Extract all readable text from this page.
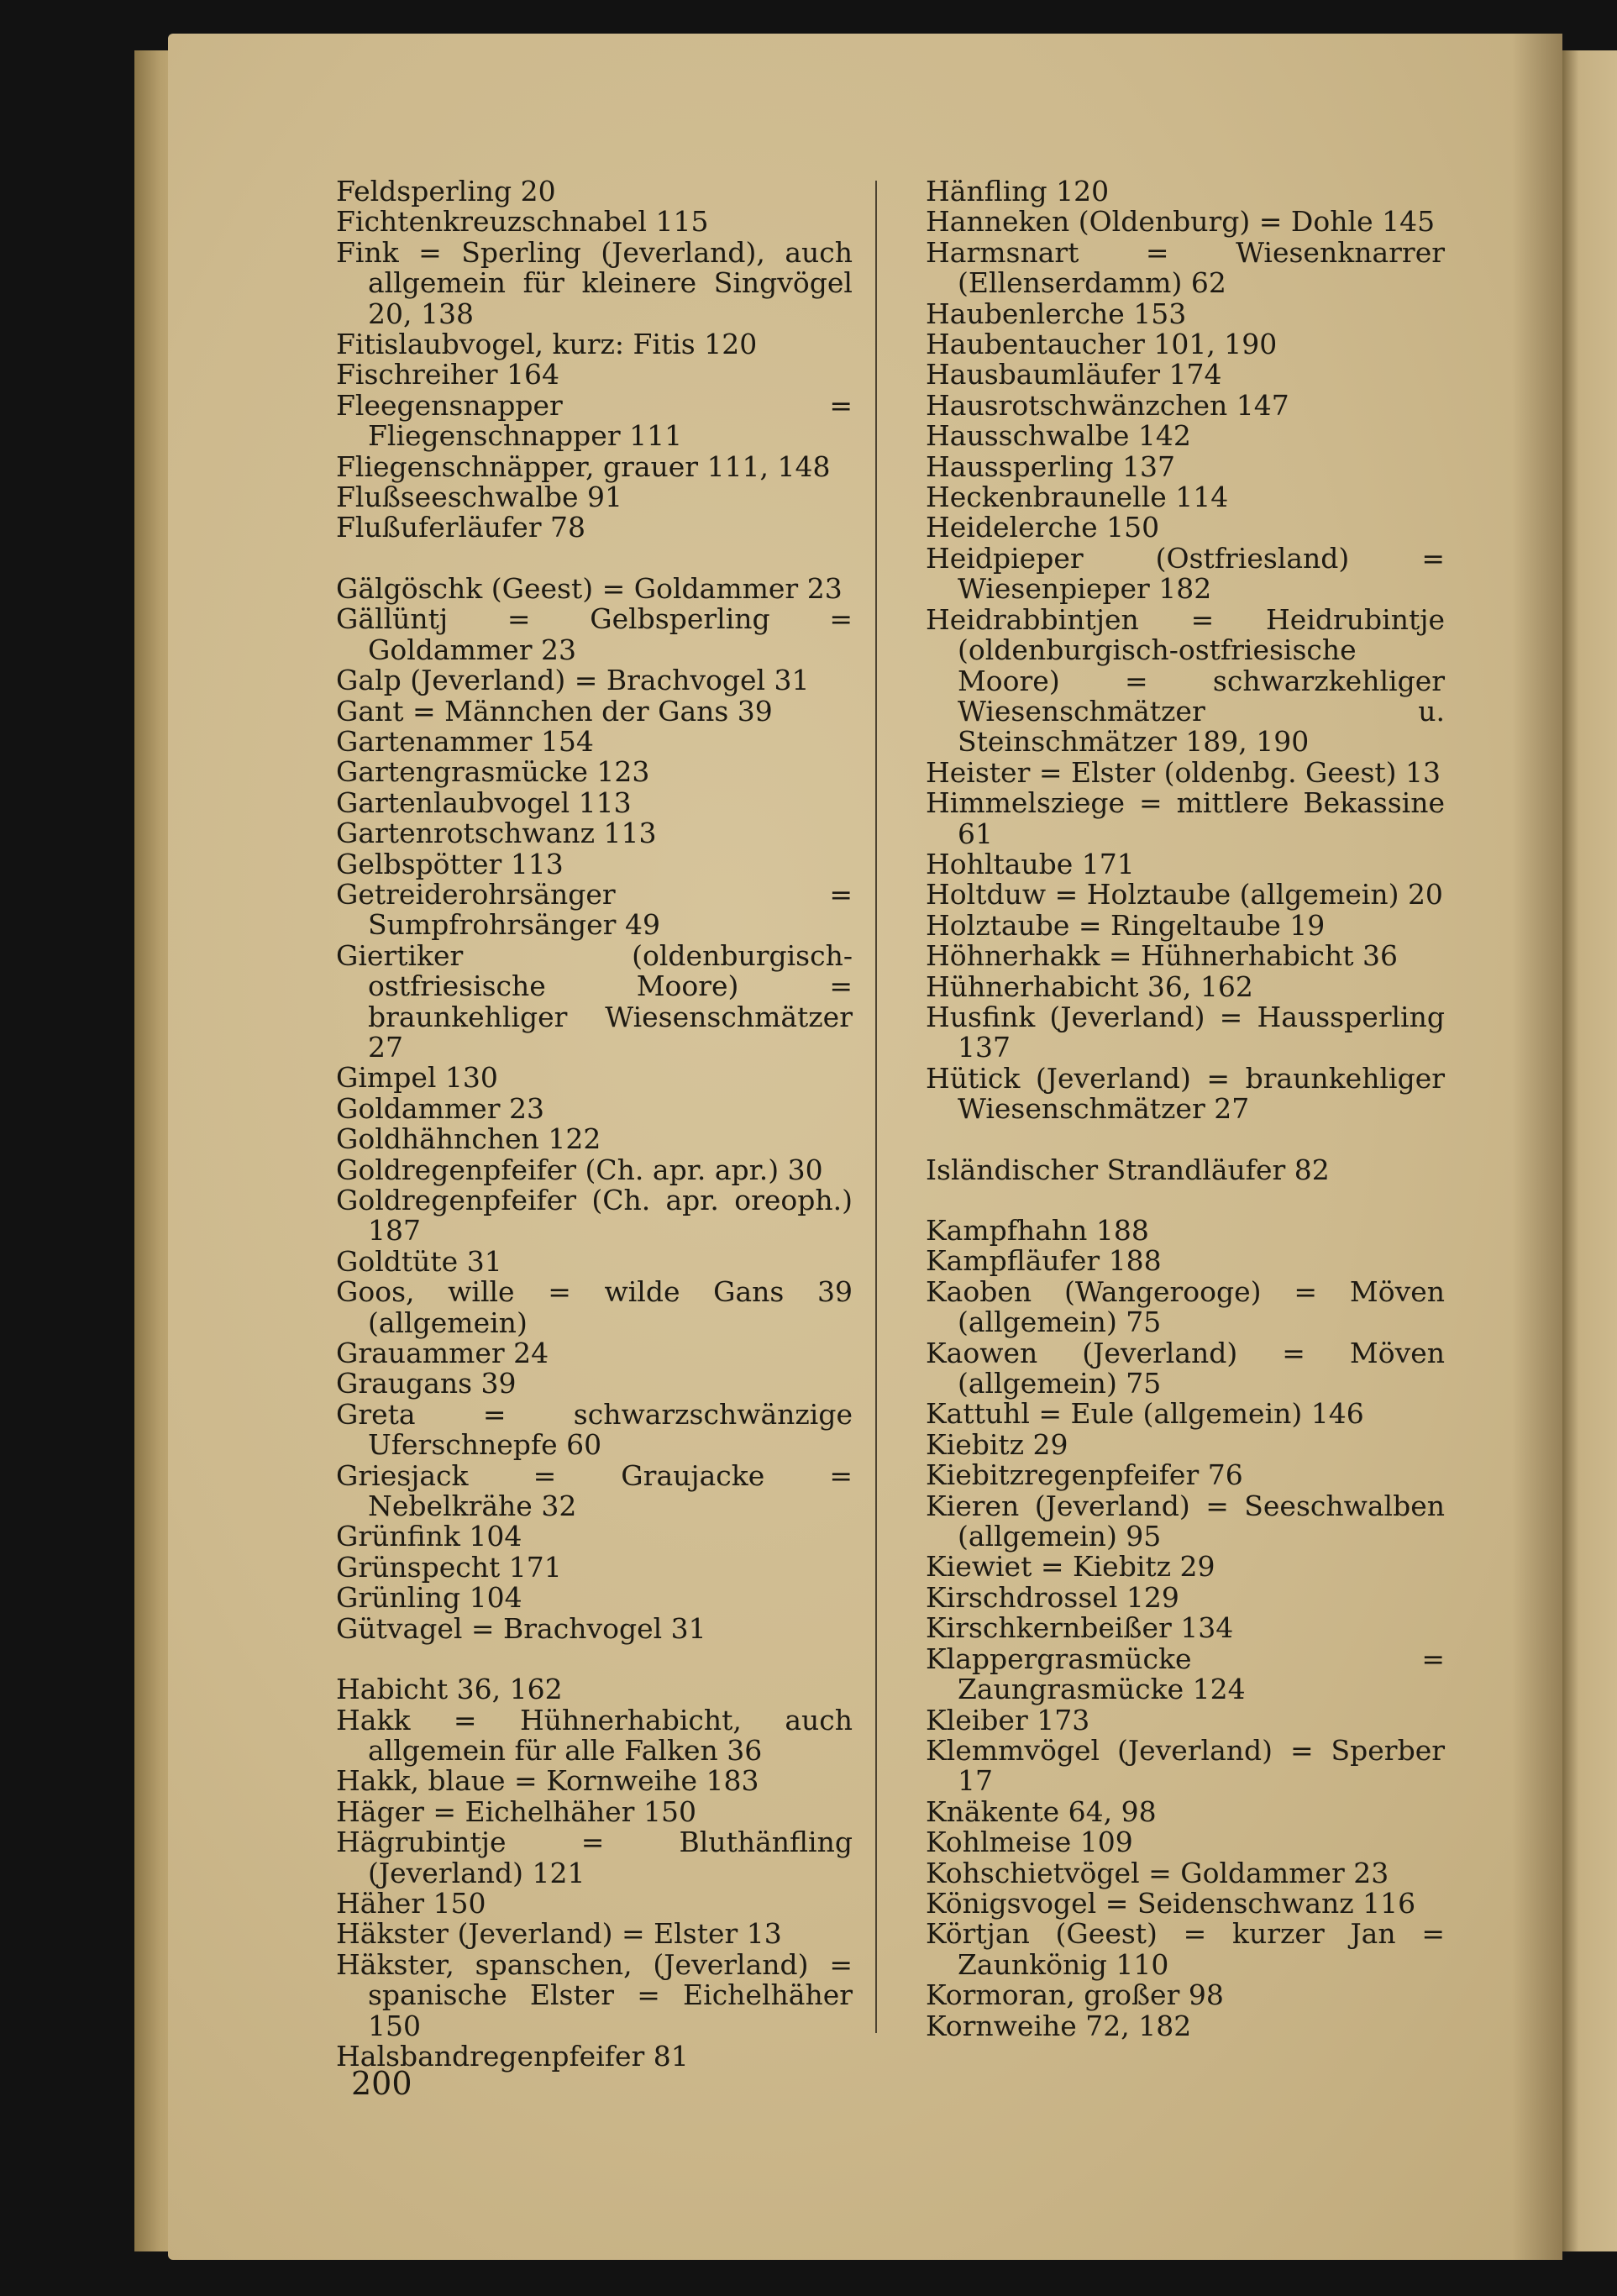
Feldsperling 20
Fichtenkreuzschnabel 115
Fink = Sperling (Jeverland), auch allgemein für kleinere Singvögel 20, 138
Fitislaubvogel, kurz: Fitis 120
Fischreiher 164
Fleegensnapper = Fliegenschnapper 111
Fliegenschnäpper, grauer 111, 148
Flußseeschwalbe 91
Flußuferläufer 78
Gälgöschk (Geest) = Goldammer 23
Gällüntj = Gelbsperling = Goldammer 23
Galp (Jeverland) = Brachvogel 31
Gant = Männchen der Gans 39
Gartenammer 154
Gartengrasmücke 123
Gartenlaubvogel 113
Gartenrotschwanz 113
Gelbspötter 113
Getreiderohrsänger = Sumpfrohrsänger 49
Giertiker (oldenburgisch-ostfriesische Moore) = braunkehliger Wiesenschmätzer 27
Gimpel 130
Goldammer 23
Goldhähnchen 122
Goldregenpfeifer (Ch. apr. apr.) 30
Goldregenpfeifer (Ch. apr. oreoph.) 187
Goldtüte 31
Goos, wille = wilde Gans 39 (allgemein)
Grauammer 24
Graugans 39
Greta = schwarzschwänzige Uferschnepfe 60
Griesjack = Graujacke = Nebelkrähe 32
Grünfink 104
Grünspecht 171
Grünling 104
Gütvagel = Brachvogel 31
Habicht 36, 162
Hakk = Hühnerhabicht, auch allgemein für alle Falken 36
Hakk, blaue = Kornweihe 183
Häger = Eichelhäher 150
Hägrubintje = Bluthänfling (Jeverland) 121
Häher 150
Häkster (Jeverland) = Elster 13
Häkster, spanschen, (Jeverland) = spanische Elster = Eichelhäher 150
Halsbandregenpfeifer 81
Hänfling 120
Hanneken (Oldenburg) = Dohle 145
Harmsnart = Wiesenknarrer (Ellenserdamm) 62
Haubenlerche 153
Haubentaucher 101, 190
Hausbaumläufer 174
Hausrotschwänzchen 147
Hausschwalbe 142
Haussperling 137
Heckenbraunelle 114
Heidelerche 150
Heidpieper (Ostfriesland) = Wiesenpieper 182
Heidrabbintjen = Heidrubintje (oldenburgisch-ostfriesische Moore) = schwarzkehliger Wiesenschmätzer u. Steinschmätzer 189, 190
Heister = Elster (oldenbg. Geest) 13
Himmelsziege = mittlere Bekassine 61
Hohltaube 171
Holtduw = Holztaube (allgemein) 20
Holztaube = Ringeltaube 19
Höhnerhakk = Hühnerhabicht 36
Hühnerhabicht 36, 162
Husfink (Jeverland) = Haussperling 137
Hütick (Jeverland) = braunkehliger Wiesenschmätzer 27
Isländischer Strandläufer 82
Kampfhahn 188
Kampfläufer 188
Kaoben (Wangerooge) = Möven (allgemein) 75
Kaowen (Jeverland) = Möven (allgemein) 75
Kattuhl = Eule (allgemein) 146
Kiebitz 29
Kiebitzregenpfeifer 76
Kieren (Jeverland) = Seeschwalben (allgemein) 95
Kiewiet = Kiebitz 29
Kirschdrossel 129
Kirschkernbeißer 134
Klappergrasmücke = Zaungrasmücke 124
Kleiber 173
Klemmvögel (Jeverland) = Sperber 17
Knäkente 64, 98
Kohlmeise 109
Kohschietvögel = Goldammer 23
Königsvogel = Seidenschwanz 116
Körtjan (Geest) = kurzer Jan = Zaunkönig 110
Kormoran, großer 98
Kornweihe 72, 182
200
